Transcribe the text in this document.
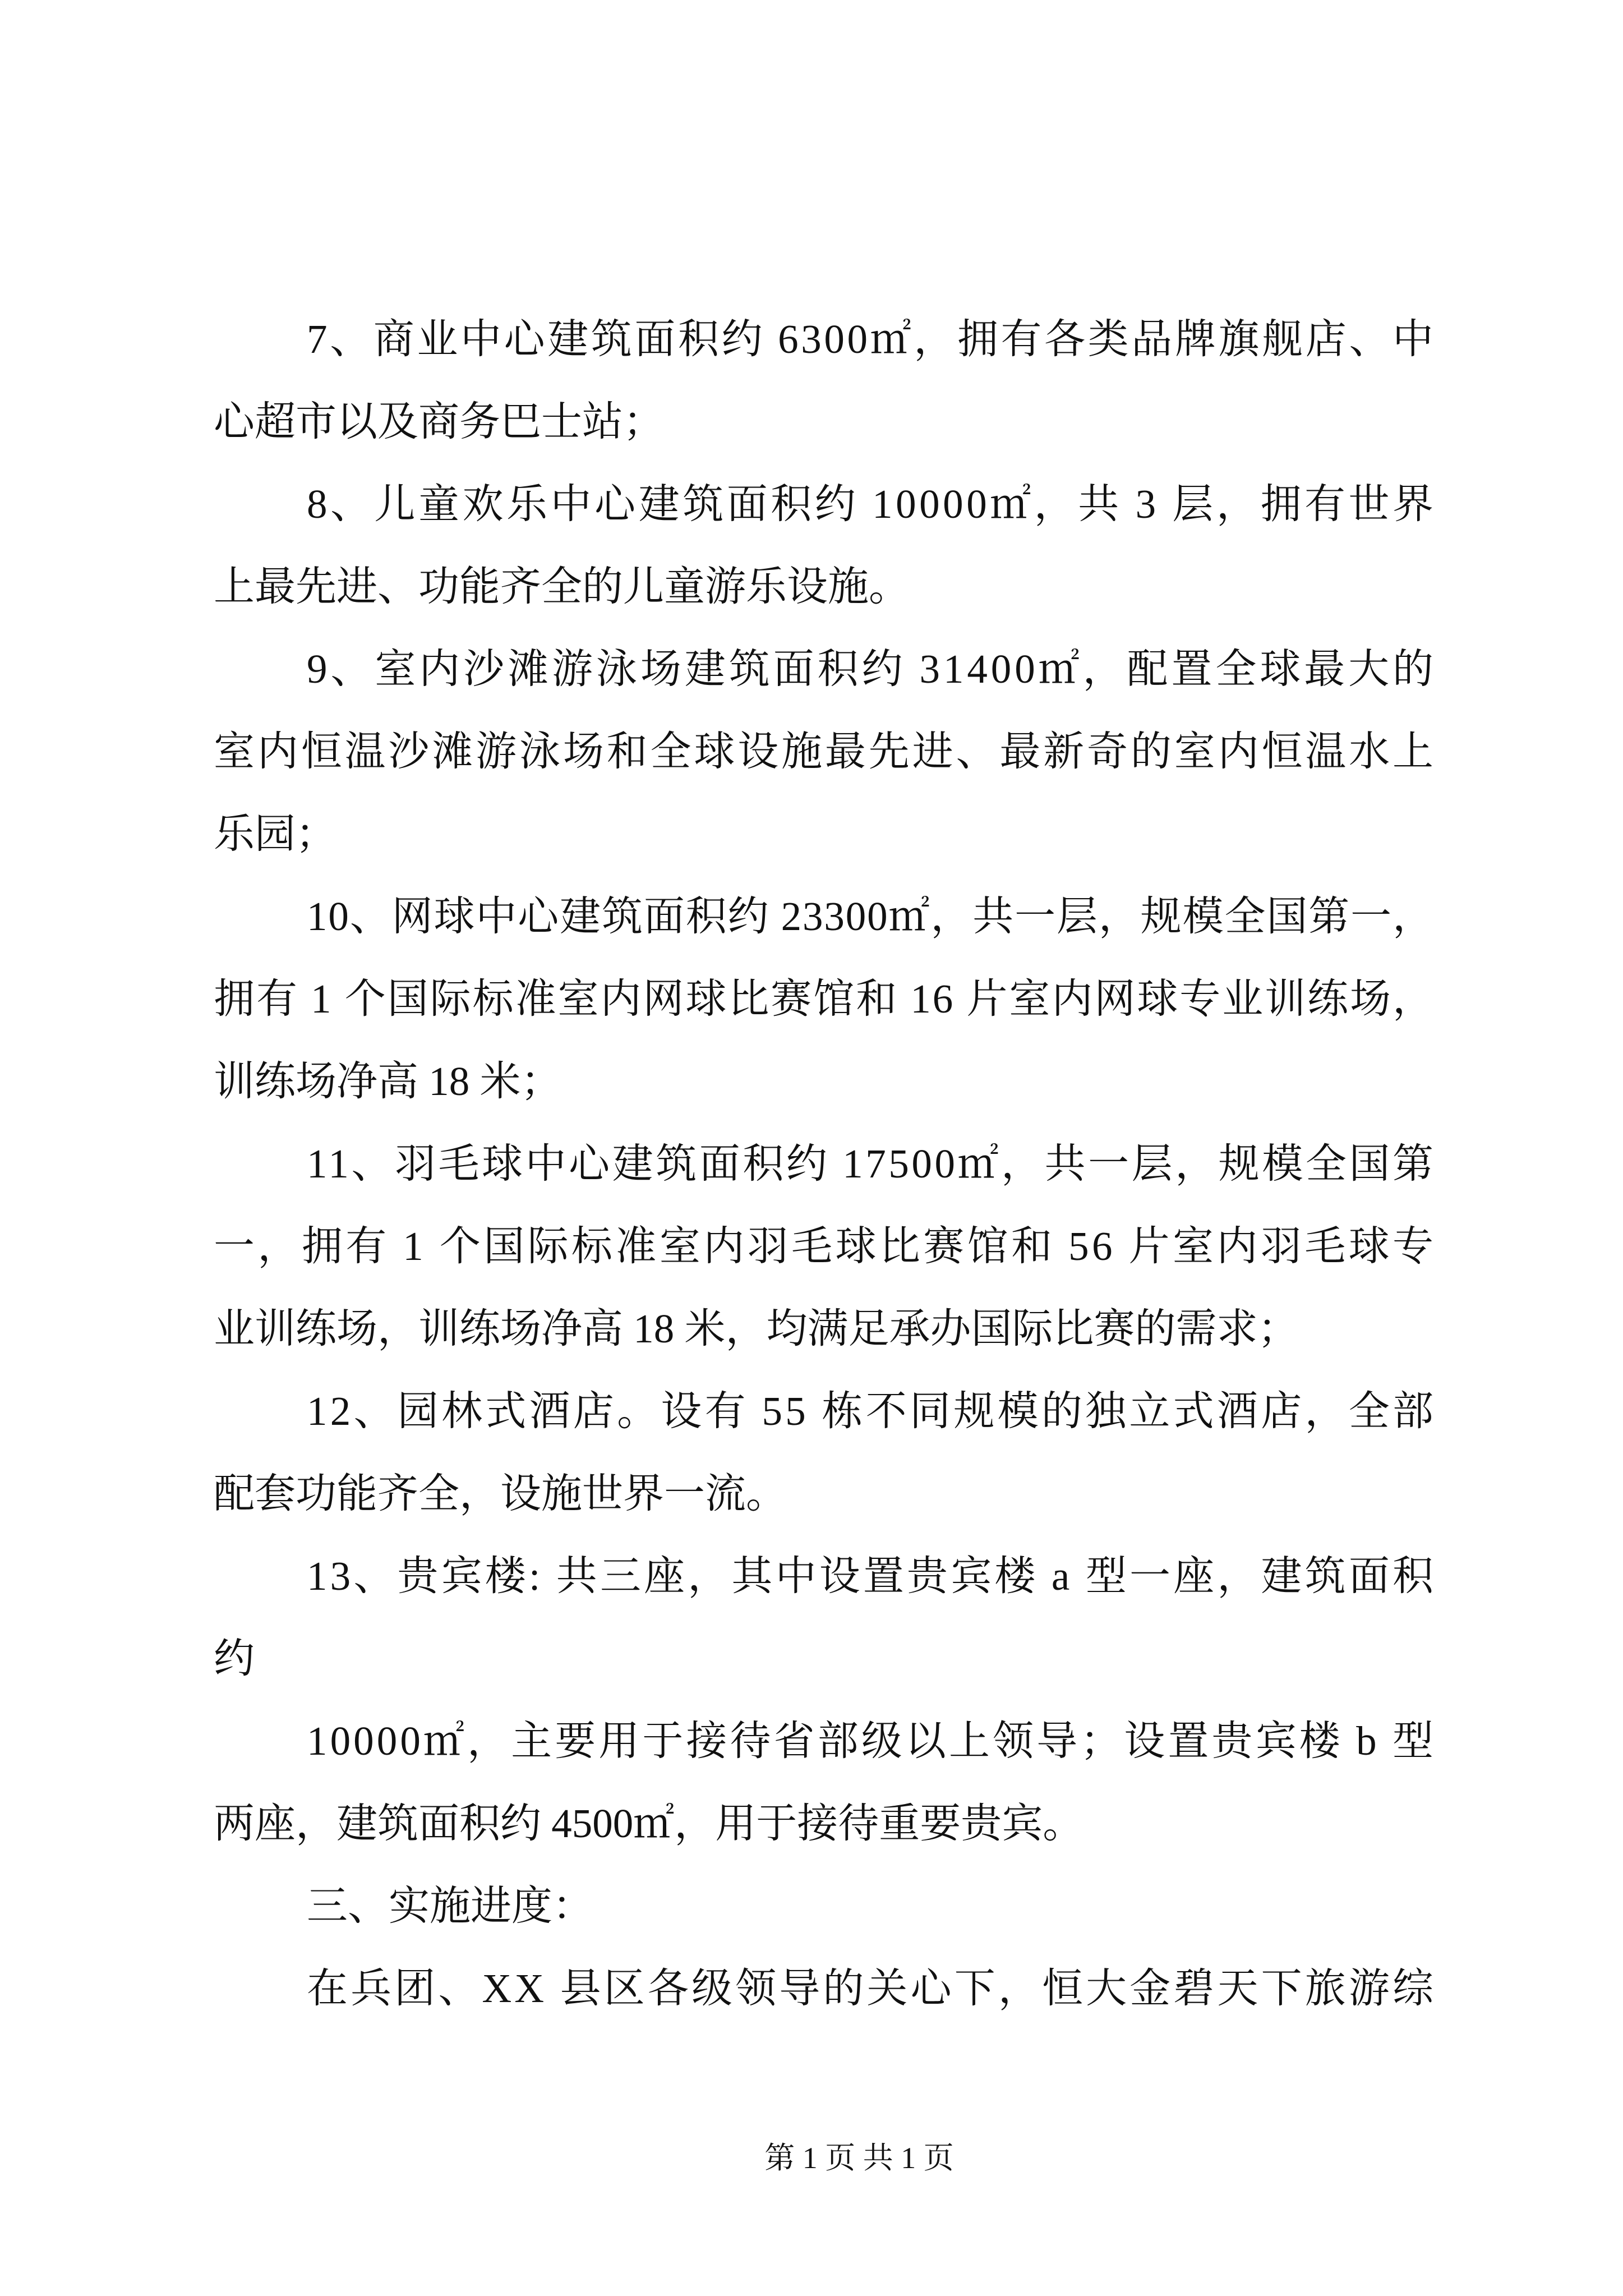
7、商业中心建筑面积约 6300㎡，拥有各类品牌旗舰店、中
心超市以及商务巴士站；
8、儿童欢乐中心建筑面积约 10000㎡，共 3 层，拥有世界
上最先进、功能齐全的儿童游乐设施。
9、室内沙滩游泳场建筑面积约 31400㎡，配置全球最大的
室内恒温沙滩游泳场和全球设施最先进、最新奇的室内恒温水上
乐园；
10、网球中心建筑面积约 23300㎡，共一层，规模全国第一，
拥有 1 个国际标准室内网球比赛馆和 16 片室内网球专业训练场，
训练场净高 18 米；
11、羽毛球中心建筑面积约 17500㎡，共一层，规模全国第
一，拥有 1 个国际标准室内羽毛球比赛馆和 56 片室内羽毛球专
业训练场，训练场净高 18 米，均满足承办国际比赛的需求；
12、园林式酒店。设有 55 栋不同规模的独立式酒店，全部
配套功能齐全，设施世界一流。
13、贵宾楼: 共三座，其中设置贵宾楼 a 型一座，建筑面积
约
10000㎡，主要用于接待省部级以上领导；设置贵宾楼 b 型
两座，建筑面积约 4500㎡，用于接待重要贵宾。
三、实施进度：
在兵团、XX 县区各级领导的关心下，恒大金碧天下旅游综
第 1 页 共 1 页
